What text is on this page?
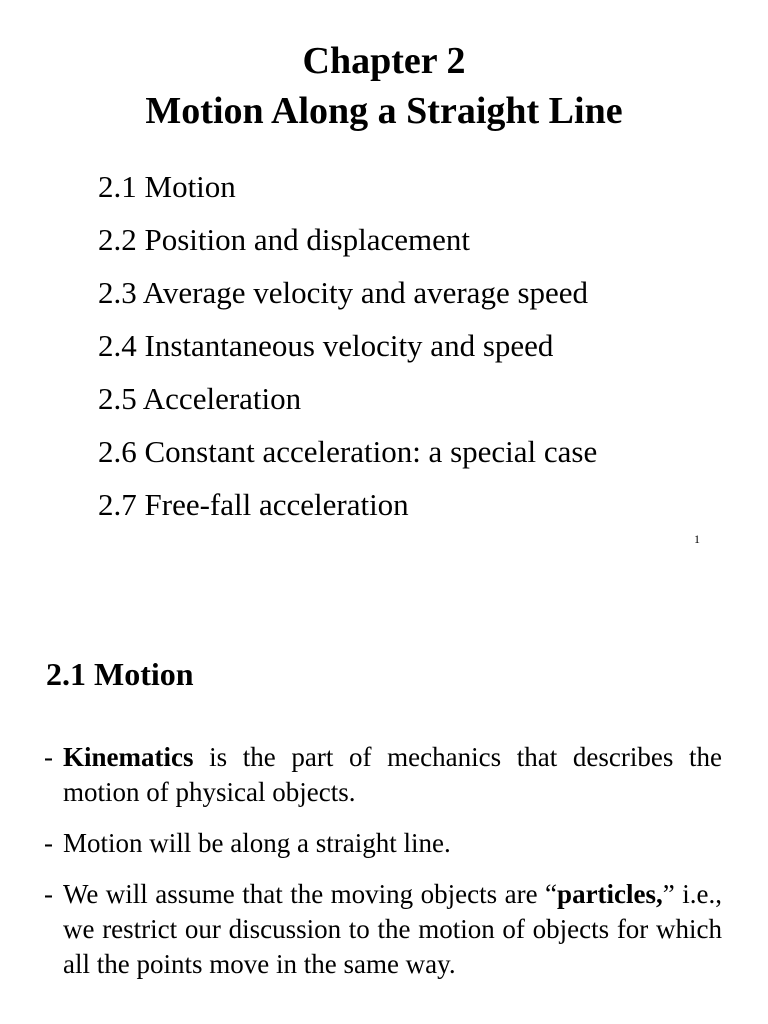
Chapter 2
Motion Along a Straight Line
2.1 Motion
2.2 Position and displacement
2.3 Average velocity and average speed
2.4 Instantaneous velocity and speed
2.5 Acceleration
2.6 Constant acceleration: a special case
2.7 Free-fall acceleration
1
2.1 Motion
- Kinematics is the part of mechanics that describes the motion of physical objects.
- Motion will be along a straight line.
- We will assume that the moving objects are “particles,” i.e., we restrict our discussion to the motion of objects for which all the points move in the same way.
